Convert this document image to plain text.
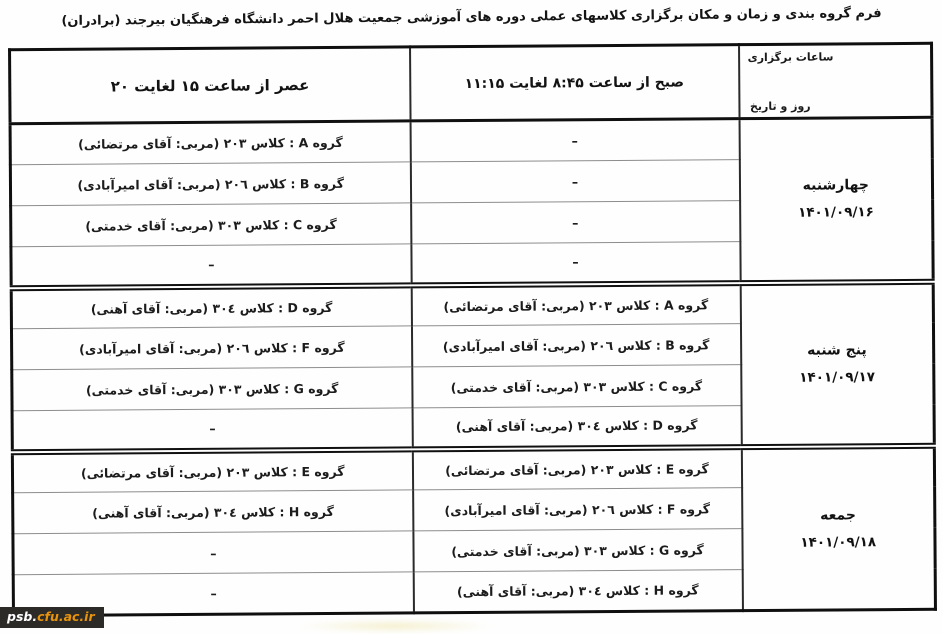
فرم گروه بندی و زمان و مکان برگزاری کلاسهای عملی دوره های آموزشی جمعیت هلال احمر دانشگاه فرهنگیان بیرجند (برادران)
ساعات برگزاری
روز و تاریخ	صبح از ساعت ۸:۴۵ لغایت ۱۱:۱۵	عصر از ساعت ۱۵ لغایت ۲۰

چهارشنبه
۱۴۰۱/۰۹/۱۶	–	گروه A : کلاس ۲۰۳ (مربی: آقای مرتضائی)
	–	گروه B : کلاس ۲۰٦ (مربی: آقای امیرآبادی)
	–	گروه C : کلاس ۳۰۳ (مربی: آقای خدمتی)
	–	–

پنج شنبه
۱۴۰۱/۰۹/۱۷	گروه A : کلاس ۲۰۳ (مربی: آقای مرتضائی)	گروه D : کلاس ۳۰٤ (مربی: آقای آهنی)
	گروه B : کلاس ۲۰٦ (مربی: آقای امیرآبادی)	گروه F : کلاس ۲۰٦ (مربی: آقای امیرآبادی)
	گروه C : کلاس ۳۰۳ (مربی: آقای خدمتی)	گروه G : کلاس ۳۰۳ (مربی: آقای خدمتی)
	گروه D : کلاس ۳۰٤ (مربی: آقای آهنی)	–

جمعه
۱۴۰۱/۰۹/۱۸	گروه E : کلاس ۲۰۳ (مربی: آقای مرتضائی)	گروه E : کلاس ۲۰۳ (مربی: آقای مرتضائی)
	گروه F : کلاس ۲۰٦ (مربی: آقای امیرآبادی)	گروه H : کلاس ۳۰٤ (مربی: آقای آهنی)
	گروه G : کلاس ۳۰۳ (مربی: آقای خدمتی)	–
	گروه H : کلاس ۳۰٤ (مربی: آقای آهنی)	–
psb.cfu.ac.ir
